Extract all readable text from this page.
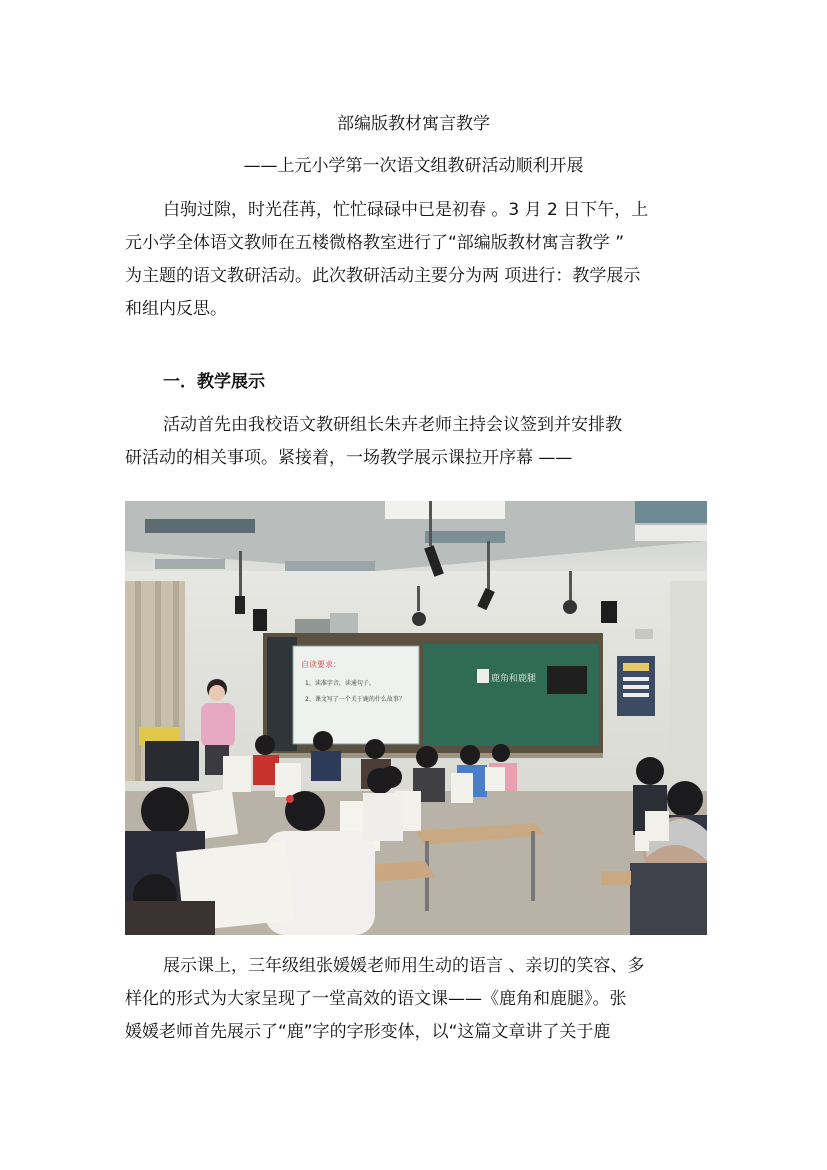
部编版教材寓言教学
——上元小学第一次语文组教研活动顺利开展

白驹过隙，时光荏苒，忙忙碌碌中已是初春 。3 月 2 日下午，上
元小学全体语文教师在五楼微格教室进行了“部编版教材寓言教学 ”
为主题的语文教研活动。此次教研活动主要分为两 项进行：教学展示
和组内反思。

一．教学展示

活动首先由我校语文教研组长朱卉老师主持会议签到并安排教
研活动的相关事项。紧接着，一场教学展示课拉开序幕 ——

自读要求：
1、读准字音，读通句子。
2、课文写了一个关于鹿的什么故事？
鹿角和鹿腿

展示课上，三年级组张媛媛老师用生动的语言 、亲切的笑容、多
样化的形式为大家呈现了一堂高效的语文课——《鹿角和鹿腿》。张
媛媛老师首先展示了“鹿”字的字形变体，以“这篇文章讲了关于鹿
